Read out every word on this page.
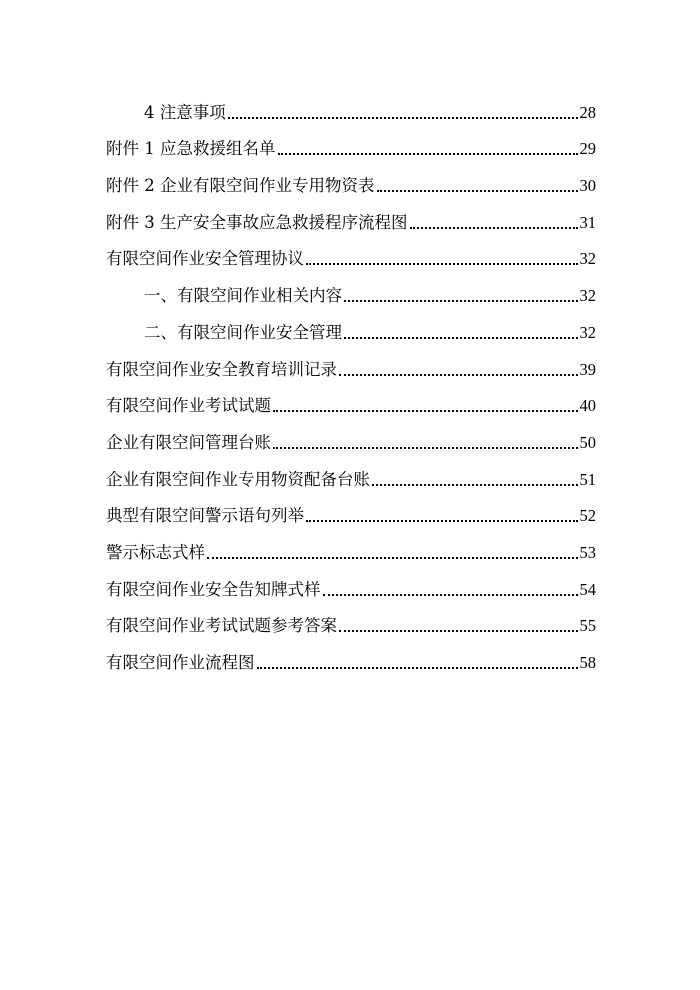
4 注意事项	28
附件 1 应急救援组名单	29
附件 2 企业有限空间作业专用物资表	30
附件 3 生产安全事故应急救援程序流程图	31
有限空间作业安全管理协议	32
一、有限空间作业相关内容	32
二、有限空间作业安全管理	32
有限空间作业安全教育培训记录	39
有限空间作业考试试题	40
企业有限空间管理台账	50
企业有限空间作业专用物资配备台账	51
典型有限空间警示语句列举	52
警示标志式样	53
有限空间作业安全告知牌式样	54
有限空间作业考试试题参考答案	55
有限空间作业流程图	58
